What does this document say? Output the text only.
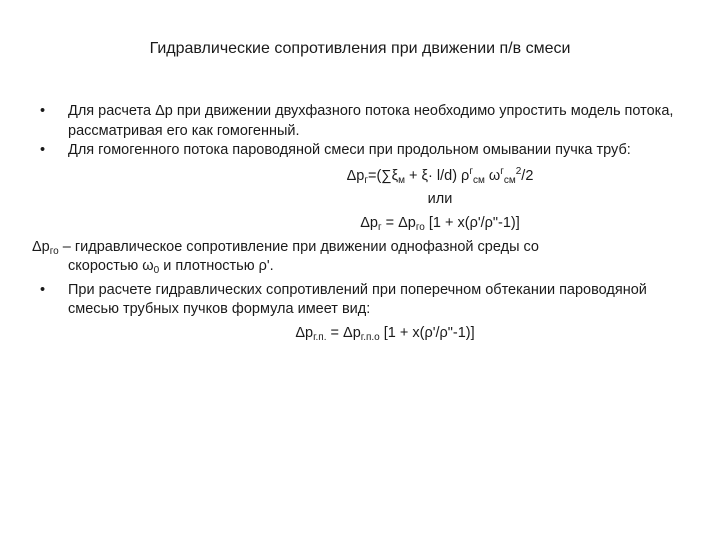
Гидравлические сопротивления при движении п/в смеси
•	Для расчета Δp при движении двухфазного потока необходимо упростить модель потока, рассматривая его как гомогенный.
•	Для гомогенного потока пароводяной смеси при продольном омывании пучка труб:
$\Delta p_г=(\sum\xi_м + \xi\cdot l/d)$ $\rho^г_{см}$ $\omega^г_{см}^2/2$
или
$\Delta p_г = \Delta p_{го}$ [1 + x(ρ'/ρ"-1)]
$\Delta p_{го}$ – гидравлическое сопротивление при движении однофазной среды со
скоростью $\omega_0$ и плотностью ρ'.
•	При расчете гидравлических сопротивлений при поперечном обтекании пароводяной смесью трубных пучков формула имеет вид:
$\Delta p_{г.п.} = \Delta p_{г.п.о}$ [1 + x(ρ'/ρ"-1)]
